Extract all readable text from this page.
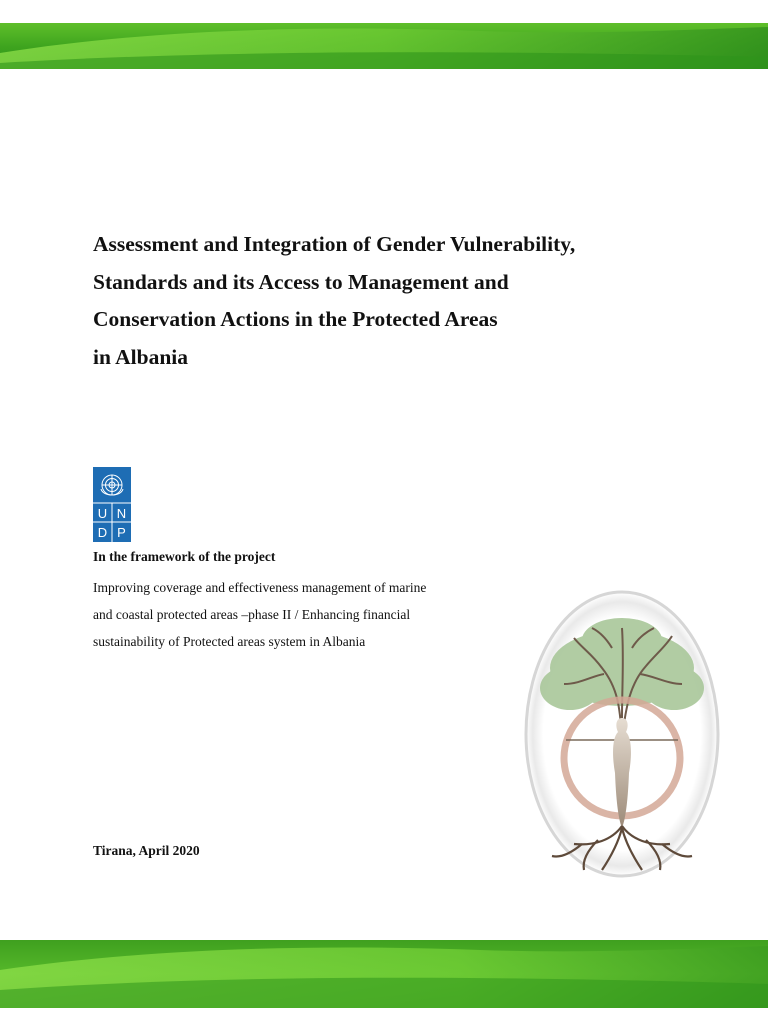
Assessment and Integration of Gender Vulnerability,
Standards and its Access to Management and
Conservation Actions in the Protected Areas
in Albania
U N
D P
In the framework of the project
Improving coverage and effectiveness management of marine
and coastal protected areas –phase II / Enhancing financial
sustainability of Protected areas system in Albania
Tirana, April 2020
